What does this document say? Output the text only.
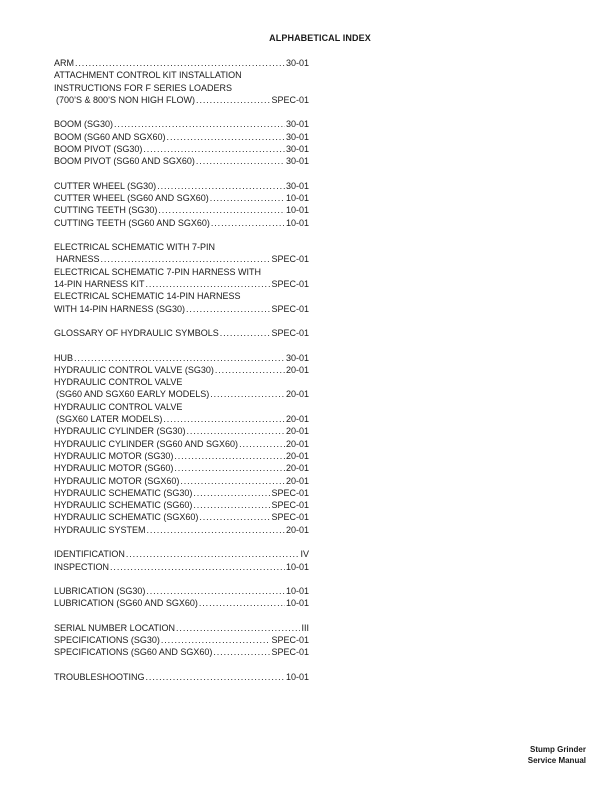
ALPHABETICAL INDEX
ARM .....	30-01
ATTACHMENT CONTROL KIT INSTALLATION
INSTRUCTIONS FOR F SERIES LOADERS
(700’S & 800’S NON HIGH FLOW) .....	SPEC-01
BOOM (SG30) .....	30-01
BOOM (SG60 AND SGX60) .....	30-01
BOOM PIVOT (SG30) .....	30-01
BOOM PIVOT (SG60 AND SGX60) .....	30-01
CUTTER WHEEL (SG30) .....	30-01
CUTTER WHEEL (SG60 AND SGX60) .....	10-01
CUTTING TEETH (SG30) .....	10-01
CUTTING TEETH (SG60 AND SGX60) .....	10-01
ELECTRICAL SCHEMATIC WITH 7-PIN
HARNESS .....	SPEC-01
ELECTRICAL SCHEMATIC 7-PIN HARNESS WITH
14-PIN HARNESS KIT .....	SPEC-01
ELECTRICAL SCHEMATIC 14-PIN HARNESS
WITH 14-PIN HARNESS (SG30) .....	SPEC-01
GLOSSARY OF HYDRAULIC SYMBOLS .....	SPEC-01
HUB .....	30-01
HYDRAULIC CONTROL VALVE (SG30) .....	20-01
HYDRAULIC CONTROL VALVE
(SG60 AND SGX60 EARLY MODELS) .....	20-01
HYDRAULIC CONTROL VALVE
(SGX60 LATER MODELS) .....	20-01
HYDRAULIC CYLINDER (SG30) .....	20-01
HYDRAULIC CYLINDER (SG60 AND SGX60) .....	20-01
HYDRAULIC MOTOR (SG30) .....	20-01
HYDRAULIC MOTOR (SG60) .....	20-01
HYDRAULIC MOTOR (SGX60) .....	20-01
HYDRAULIC SCHEMATIC (SG30) .....	SPEC-01
HYDRAULIC SCHEMATIC (SG60) .....	SPEC-01
HYDRAULIC SCHEMATIC (SGX60) .....	SPEC-01
HYDRAULIC SYSTEM .....	20-01
IDENTIFICATION .....	IV
INSPECTION .....	10-01
LUBRICATION (SG30) .....	10-01
LUBRICATION (SG60 AND SGX60) .....	10-01
SERIAL NUMBER LOCATION .....	III
SPECIFICATIONS (SG30) .....	SPEC-01
SPECIFICATIONS (SG60 AND SGX60) .....	SPEC-01
TROUBLESHOOTING .....	10-01
Stump Grinder
Service Manual
